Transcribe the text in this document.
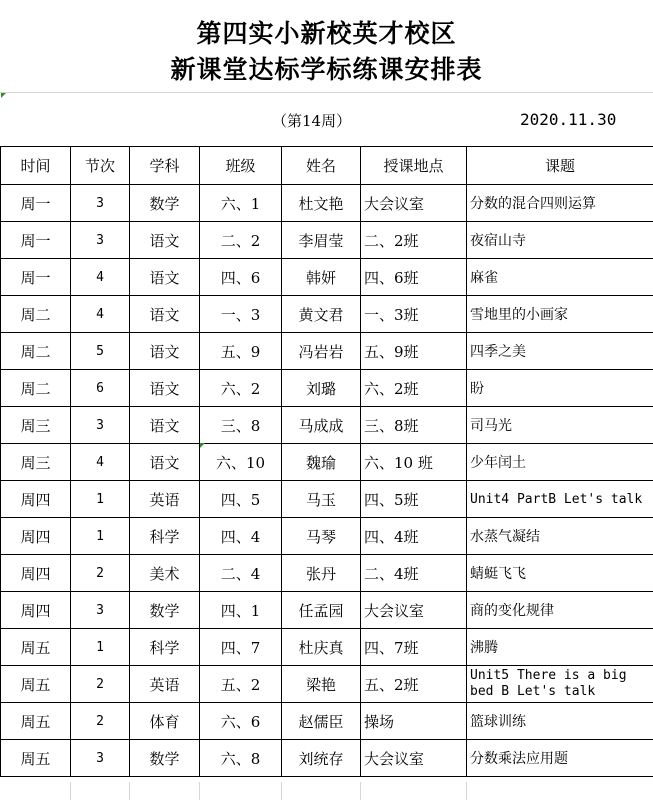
第四实小新校英才校区
新课堂达标学标练课安排表
（第14周）	2020.11.30
时间	节次	学科	班级	姓名	授课地点	课题
周一	3	数学	六、1	杜文艳	大会议室	分数的混合四则运算
周一	3	语文	二、2	李眉莹	二、2班	夜宿山寺
周一	4	语文	四、6	韩妍	四、6班	麻雀
周二	4	语文	一、3	黄文君	一、3班	雪地里的小画家
周二	5	语文	五、9	冯岩岩	五、9班	四季之美
周二	6	语文	六、2	刘璐	六、2班	盼
周三	3	语文	三、8	马成成	三、8班	司马光
周三	4	语文	六、10	魏瑜	六、10 班	少年闰土
周四	1	英语	四、5	马玉	四、5班	Unit4 PartB Let's talk
周四	1	科学	四、4	马琴	四、4班	水蒸气凝结
周四	2	美术	二、4	张丹	二、4班	蜻蜓飞飞
周四	3	数学	四、1	任孟园	大会议室	商的变化规律
周五	1	科学	四、7	杜庆真	四、7班	沸腾
周五	2	英语	五、2	梁艳	五、2班	Unit5 There is a big bed B Let's talk
周五	2	体育	六、6	赵儒臣	操场	篮球训练
周五	3	数学	六、8	刘统存	大会议室	分数乘法应用题
